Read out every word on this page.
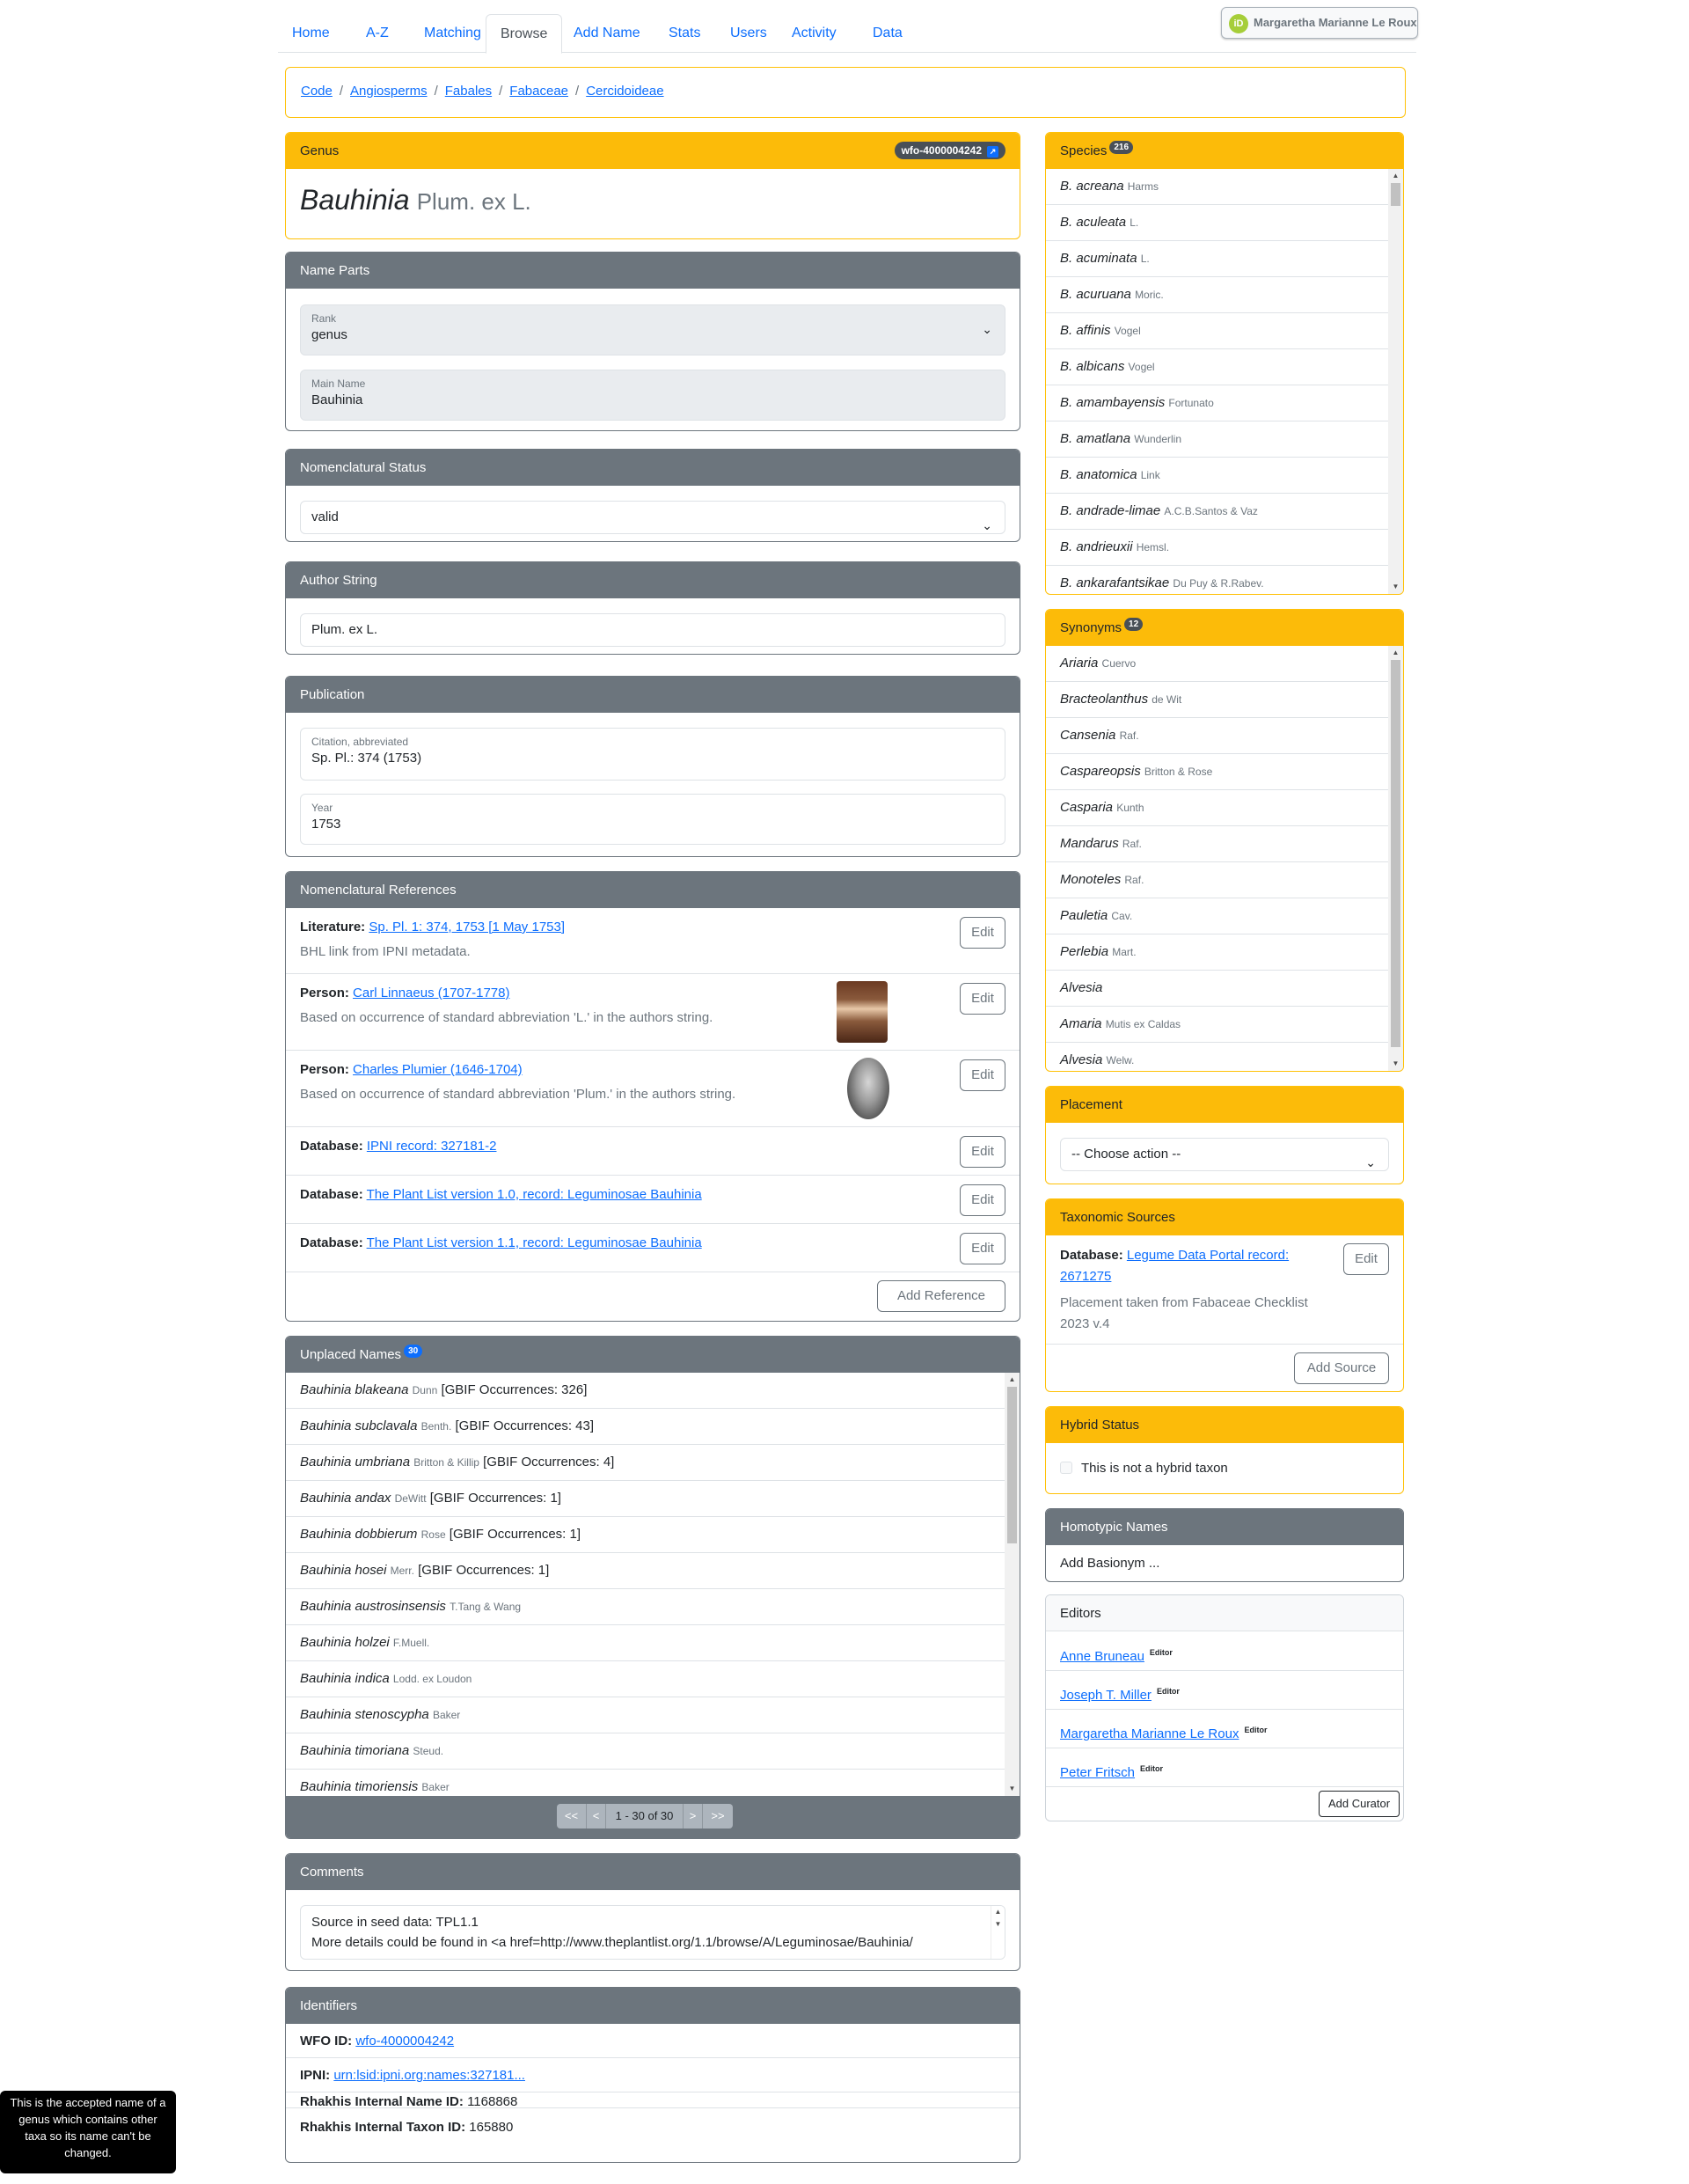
Home	A-Z	Matching	Browse	Add Name	Stats	Users	Activity	Data
iD Margaretha Marianne Le Roux
Code / Angiosperms / Fabales / Fabaceae / Cercidoideae
Genus	wfo-4000004242 ↗
Bauhinia Plum. ex L.
Name Parts
Rank
genus	⌄
Main Name
Bauhinia
Nomenclatural Status
valid
⌄
Author String
Plum. ex L.
Publication
Citation, abbreviated
Sp. Pl.: 374 (1753)
Year
1753
Nomenclatural References
Literature: Sp. Pl. 1: 374, 1753 [1 May 1753]
BHL link from IPNI metadata.
Edit
Person: Carl Linnaeus (1707-1778)
Based on occurrence of standard abbreviation 'L.' in the authors string.
Edit
Person: Charles Plumier (1646-1704)
Based on occurrence of standard abbreviation 'Plum.' in the authors string.
Edit
Database: IPNI record: 327181-2	Edit
Database: The Plant List version 1.0, record: Leguminosae Bauhinia	Edit
Database: The Plant List version 1.1, record: Leguminosae Bauhinia	Edit
Add Reference
Unplaced Names 30
Bauhinia blakeana Dunn [GBIF Occurrences: 326]
Bauhinia subclavala Benth. [GBIF Occurrences: 43]
Bauhinia umbriana Britton & Killip [GBIF Occurrences: 4]
Bauhinia andax DeWitt [GBIF Occurrences: 1]
Bauhinia dobbierum Rose [GBIF Occurrences: 1]
Bauhinia hosei Merr. [GBIF Occurrences: 1]
Bauhinia austrosinsensis T.Tang & Wang
Bauhinia holzei F.Muell.
Bauhinia indica Lodd. ex Loudon
Bauhinia stenoscypha Baker
Bauhinia timoriana Steud.
Bauhinia timoriensis Baker
▲
▼
<<	<	1 - 30 of 30	>	>>
Comments
Source in seed data: TPL1.1
More details could be found in <a href=http://www.theplantlist.org/1.1/browse/A/Leguminosae/Bauhinia/
▲
▼
Identifiers
WFO ID: wfo-4000004242
IPNI: urn:lsid:ipni.org:names:327181...
Rhakhis Internal Name ID: 1168868
Rhakhis Internal Taxon ID: 165880
Species 216
B. acreana Harms
B. aculeata L.
B. acuminata L.
B. acuruana Moric.
B. affinis Vogel
B. albicans Vogel
B. amambayensis Fortunato
B. amatlana Wunderlin
B. anatomica Link
B. andrade-limae A.C.B.Santos & Vaz
B. andrieuxii Hemsl.
B. ankarafantsikae Du Puy & R.Rabev.
▲
▼
Synonyms 12
Ariaria Cuervo
Bracteolanthus de Wit
Cansenia Raf.
Caspareopsis Britton & Rose
Casparia Kunth
Mandarus Raf.
Monoteles Raf.
Pauletia Cav.
Perlebia Mart.
Alvesia
Amaria Mutis ex Caldas
Alvesia Welw.
▲
▼
Placement
-- Choose action --
⌄
Taxonomic Sources
Database: Legume Data Portal record: 2671275
Placement taken from Fabaceae Checklist 2023 v.4
Edit
Add Source
Hybrid Status
This is not a hybrid taxon
Homotypic Names
Add Basionym ...
Editors
Anne Bruneau $^{Editor}$
Joseph T. Miller $^{Editor}$
Margaretha Marianne Le Roux $^{Editor}$
Peter Fritsch $^{Editor}$
Add Curator
This is the accepted name of a genus which contains other taxa so its name can't be changed.
